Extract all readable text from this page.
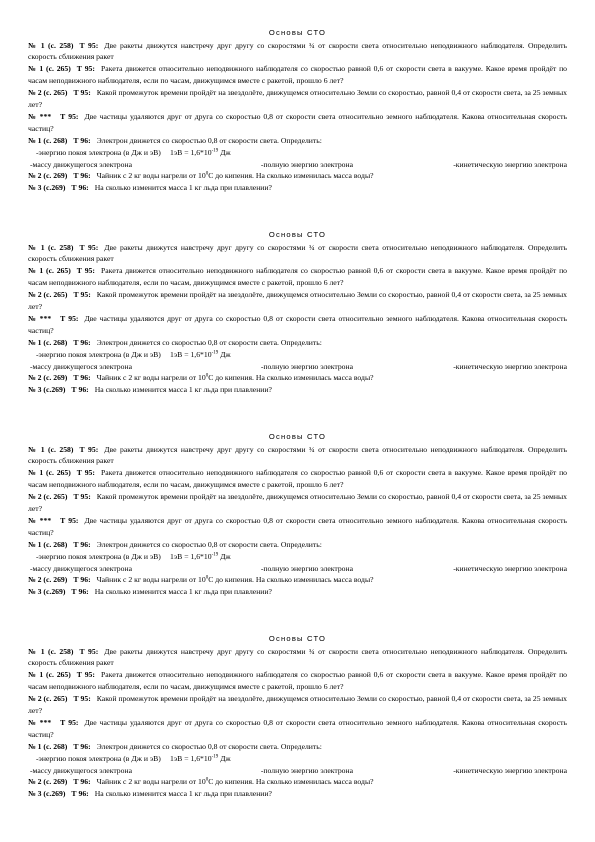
Основы СТО

№ 1 (с. 258) Т 95: Две ракеты движутся навстречу друг другу со скоростями ¾ от скорости света относительно неподвижного наблюдателя. Определить скорость сближения ракет

№ 1 (с. 265) Т 95: Ракета движется относительно неподвижного наблюдателя со скоростью равной 0,6 от скорости света в вакууме. Какое время пройдёт по часам неподвижного наблюдателя, если по часам, движущимся вместе с ракетой, прошло 6 лет?

№ 2 (с. 265) Т 95: Какой промежуток времени пройдёт на звездолёте, движущемся относительно Земли со скоростью, равной 0,4 от скорости света, за 25 земных лет?

№ *** Т 95: Две частицы удаляются друг от друга со скоростью 0,8 от скорости света относительно земного наблюдателя. Какова относительная скорость частиц?

№ 1 (с. 268) Т 96: Электрон движется со скоростью 0,8 от скорости света. Определить:

-энергию покоя электрона (в Дж и эВ)	$1эВ = 1,6*10^{-19}$ Дж
-массу движущегося электрона	-полную энергию электрона	-кинетическую энергию электрона

№ 2 (с. 269) Т 96: Чайник с 2 кг воды нагрели от $10^0С$ до кипения. На сколько изменилась масса воды?

№ 3 (с.269) Т 96: На сколько изменится масса 1 кг льда при плавлении?

Основы СТО

№ 1 (с. 258) Т 95: Две ракеты движутся навстречу друг другу со скоростями ¾ от скорости света относительно неподвижного наблюдателя. Определить скорость сближения ракет

№ 1 (с. 265) Т 95: Ракета движется относительно неподвижного наблюдателя со скоростью равной 0,6 от скорости света в вакууме. Какое время пройдёт по часам неподвижного наблюдателя, если по часам, движущимся вместе с ракетой, прошло 6 лет?

№ 2 (с. 265) Т 95: Какой промежуток времени пройдёт на звездолёте, движущемся относительно Земли со скоростью, равной 0,4 от скорости света, за 25 земных лет?

№ *** Т 95: Две частицы удаляются друг от друга со скоростью 0,8 от скорости света относительно земного наблюдателя. Какова относительная скорость частиц?

№ 1 (с. 268) Т 96: Электрон движется со скоростью 0,8 от скорости света. Определить:

-энергию покоя электрона (в Дж и эВ)	$1эВ = 1,6*10^{-19}$ Дж
-массу движущегося электрона	-полную энергию электрона	-кинетическую энергию электрона

№ 2 (с. 269) Т 96: Чайник с 2 кг воды нагрели от $10^0С$ до кипения. На сколько изменилась масса воды?

№ 3 (с.269) Т 96: На сколько изменится масса 1 кг льда при плавлении?

Основы СТО

№ 1 (с. 258) Т 95: Две ракеты движутся навстречу друг другу со скоростями ¾ от скорости света относительно неподвижного наблюдателя. Определить скорость сближения ракет

№ 1 (с. 265) Т 95: Ракета движется относительно неподвижного наблюдателя со скоростью равной 0,6 от скорости света в вакууме. Какое время пройдёт по часам неподвижного наблюдателя, если по часам, движущимся вместе с ракетой, прошло 6 лет?

№ 2 (с. 265) Т 95: Какой промежуток времени пройдёт на звездолёте, движущемся относительно Земли со скоростью, равной 0,4 от скорости света, за 25 земных лет?

№ *** Т 95: Две частицы удаляются друг от друга со скоростью 0,8 от скорости света относительно земного наблюдателя. Какова относительная скорость частиц?

№ 1 (с. 268) Т 96: Электрон движется со скоростью 0,8 от скорости света. Определить:

-энергию покоя электрона (в Дж и эВ)	$1эВ = 1,6*10^{-19}$ Дж
-массу движущегося электрона	-полную энергию электрона	-кинетическую энергию электрона

№ 2 (с. 269) Т 96: Чайник с 2 кг воды нагрели от $10^0С$ до кипения. На сколько изменилась масса воды?

№ 3 (с.269) Т 96: На сколько изменится масса 1 кг льда при плавлении?

Основы СТО

№ 1 (с. 258) Т 95: Две ракеты движутся навстречу друг другу со скоростями ¾ от скорости света относительно неподвижного наблюдателя. Определить скорость сближения ракет

№ 1 (с. 265) Т 95: Ракета движется относительно неподвижного наблюдателя со скоростью равной 0,6 от скорости света в вакууме. Какое время пройдёт по часам неподвижного наблюдателя, если по часам, движущимся вместе с ракетой, прошло 6 лет?

№ 2 (с. 265) Т 95: Какой промежуток времени пройдёт на звездолёте, движущемся относительно Земли со скоростью, равной 0,4 от скорости света, за 25 земных лет?

№ *** Т 95: Две частицы удаляются друг от друга со скоростью 0,8 от скорости света относительно земного наблюдателя. Какова относительная скорость частиц?

№ 1 (с. 268) Т 96: Электрон движется со скоростью 0,8 от скорости света. Определить:

-энергию покоя электрона (в Дж и эВ)	$1эВ = 1,6*10^{-19}$ Дж
-массу движущегося электрона	-полную энергию электрона	-кинетическую энергию электрона

№ 2 (с. 269) Т 96: Чайник с 2 кг воды нагрели от $10^0С$ до кипения. На сколько изменилась масса воды?

№ 3 (с.269) Т 96: На сколько изменится масса 1 кг льда при плавлении?
